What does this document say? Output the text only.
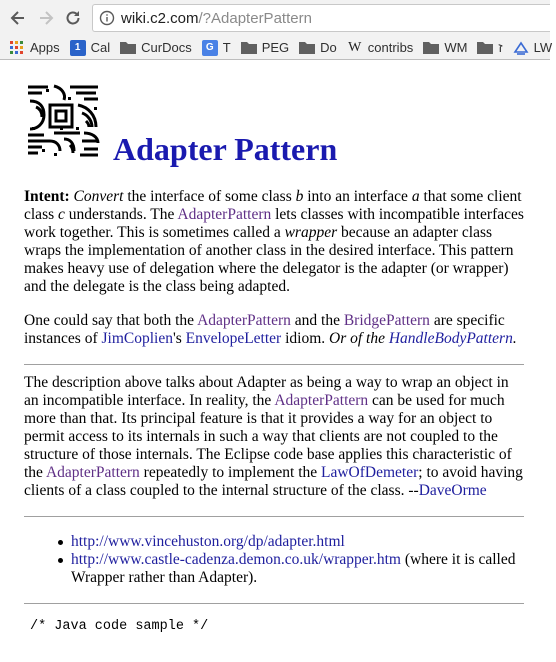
wiki.c2.com/?AdapterPattern
Apps	1 Cal CurDocs	G T PEG Do W contribs WM ז LW
Adapter Pattern

Intent: Convert the interface of some class b into an interface a that some client class c understands. The AdapterPattern lets classes with incompatible interfaces work together. This is sometimes called a wrapper because an adapter class wraps the implementation of another class in the desired interface. This pattern makes heavy use of delegation where the delegator is the adapter (or wrapper) and the delegate is the class being adapted.

One could say that both the AdapterPattern and the BridgePattern are specific instances of JimCoplien's EnvelopeLetter idiom. Or of the HandleBodyPattern.

The description above talks about Adapter as being a way to wrap an object in an incompatible interface. In reality, the AdapterPattern can be used for much more than that. Its principal feature is that it provides a way for an object to permit access to its internals in such a way that clients are not coupled to the structure of those internals. The Eclipse code base applies this characteristic of the AdapterPattern repeatedly to implement the LawOfDemeter; to avoid having clients of a class coupled to the internal structure of the class. --DaveOrme

http://www.vincehuston.org/dp/adapter.html
http://www.castle-cadenza.demon.co.uk/wrapper.htm (where it is called Wrapper rather than Adapter).
/* Java code sample */
